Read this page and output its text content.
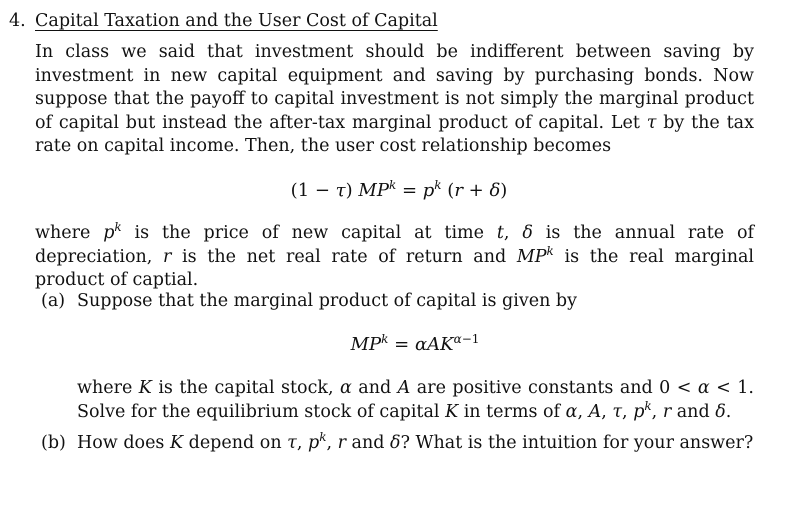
4. Capital Taxation and the User Cost of Capital
In class we said that investment should be indifferent between saving by investment in new capital equipment and saving by purchasing bonds. Now suppose that the payoff to capital investment is not simply the marginal product of capital but instead the after-tax marginal product of capital. Let τ by the tax rate on capital income. Then, the user cost relationship becomes
(1 − τ) $MP^k = p^k$ (r + δ)
where $p^k$ is the price of new capital at time t, δ is the annual rate of depreciation, r is the net real rate of return and $MP^k$ is the real marginal product of captial.
(a) Suppose that the marginal product of capital is given by
$MP^k = \alpha AK^{\alpha-1}$
where K is the capital stock, α and A are positive constants and 0 < α < 1. Solve for the equilibrium stock of capital K in terms of α, A, τ, $p^k$, r and δ.
(b) How does K depend on τ, $p^k$, r and δ? What is the intuition for your answer?
